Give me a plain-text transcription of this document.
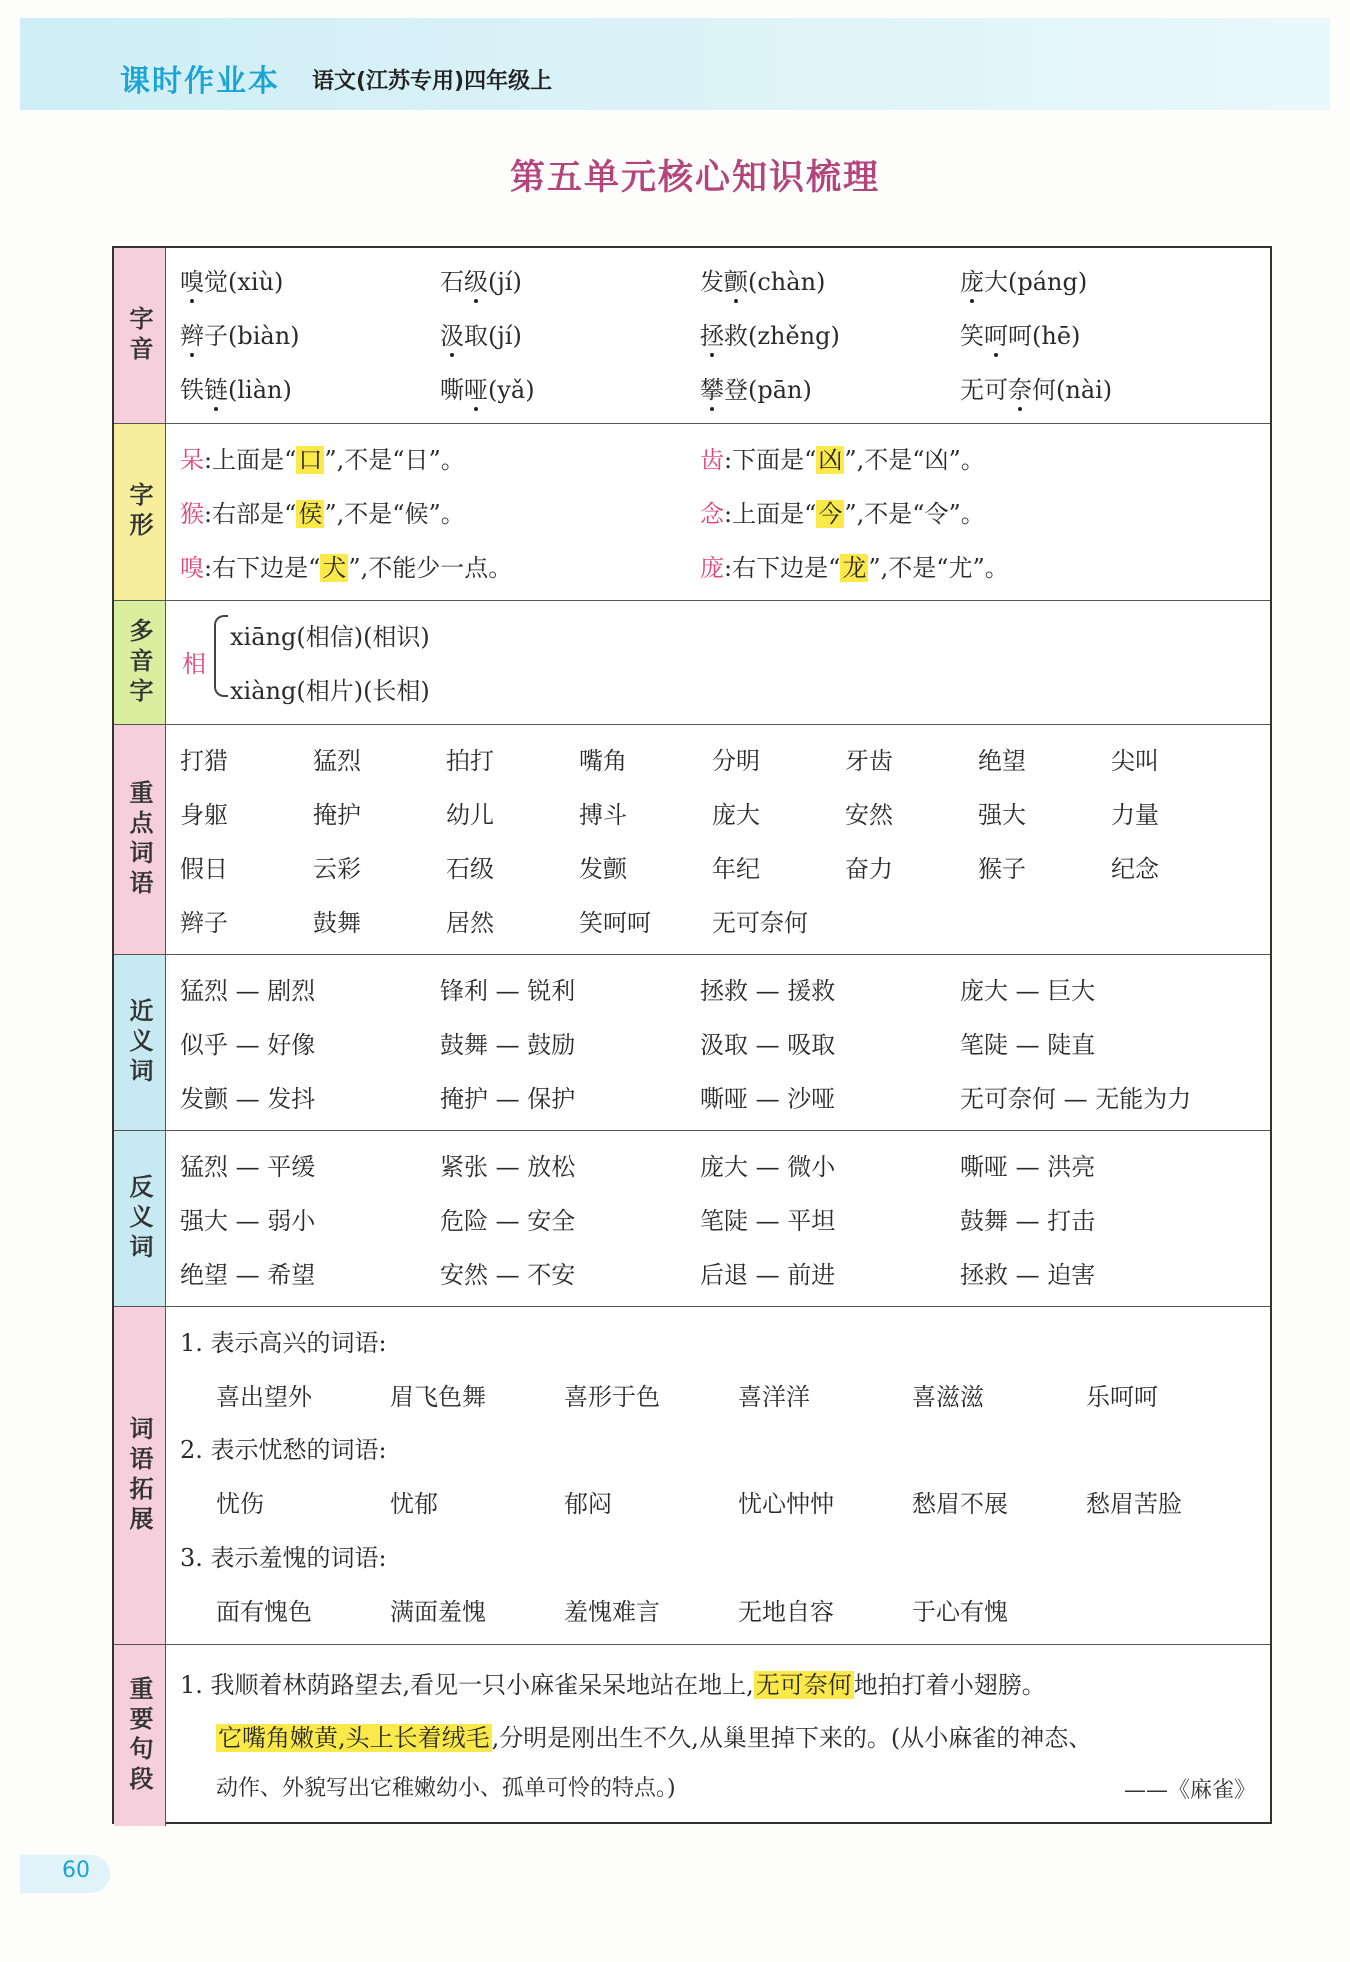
课时作业本 语文(江苏专用)四年级上
第五单元核心知识梳理
字音
嗅觉(xiù)	石级(jí)	发颤(chàn)	庞大(páng)
辫子(biàn)	汲取(jí)	拯救(zhěng)	笑呵呵(hē)
铁链(liàn)	嘶哑(yǎ)	攀登(pān)	无可奈何(nài)
字形
呆:上面是“口”,不是“日”。	齿:下面是“凶”,不是“凶”。
猴:右部是“侯”,不是“候”。	念:上面是“今”,不是“令”。
嗅:右下边是“犬”,不能少一点。	庞:右下边是“龙”,不是“尤”。
多音字 相
xiāng(相信)(相识)
xiàng(相片)(长相)
重点词语
打猎	猛烈	拍打	嘴角	分明	牙齿	绝望	尖叫
身躯	掩护	幼儿	搏斗	庞大	安然	强大	力量
假日	云彩	石级	发颤	年纪	奋力	猴子	纪念
辫子	鼓舞	居然	笑呵呵	无可奈何
近义词
猛烈 — 剧烈	锋利 — 锐利	拯救 — 援救	庞大 — 巨大
似乎 — 好像	鼓舞 — 鼓励	汲取 — 吸取	笔陡 — 陡直
发颤 — 发抖	掩护 — 保护	嘶哑 — 沙哑	无可奈何 — 无能为力
反义词
猛烈 — 平缓	紧张 — 放松	庞大 — 微小	嘶哑 — 洪亮
强大 — 弱小	危险 — 安全	笔陡 — 平坦	鼓舞 — 打击
绝望 — 希望	安然 — 不安	后退 — 前进	拯救 — 迫害
词语拓展
1. 表示高兴的词语:
喜出望外	眉飞色舞	喜形于色	喜洋洋	喜滋滋	乐呵呵
2. 表示忧愁的词语:
忧伤	忧郁	郁闷	忧心忡忡	愁眉不展	愁眉苦脸
3. 表示羞愧的词语:
面有愧色	满面羞愧	羞愧难言	无地自容	于心有愧
重要句段 1. 我顺着林荫路望去,看见一只小麻雀呆呆地站在地上,无可奈何地拍打着小翅膀。
它嘴角嫩黄,头上长着绒毛,分明是刚出生不久,从巢里掉下来的。(从小麻雀的神态、
动作、外貌写出它稚嫩幼小、孤单可怜的特点。)	——《麻雀》
60
